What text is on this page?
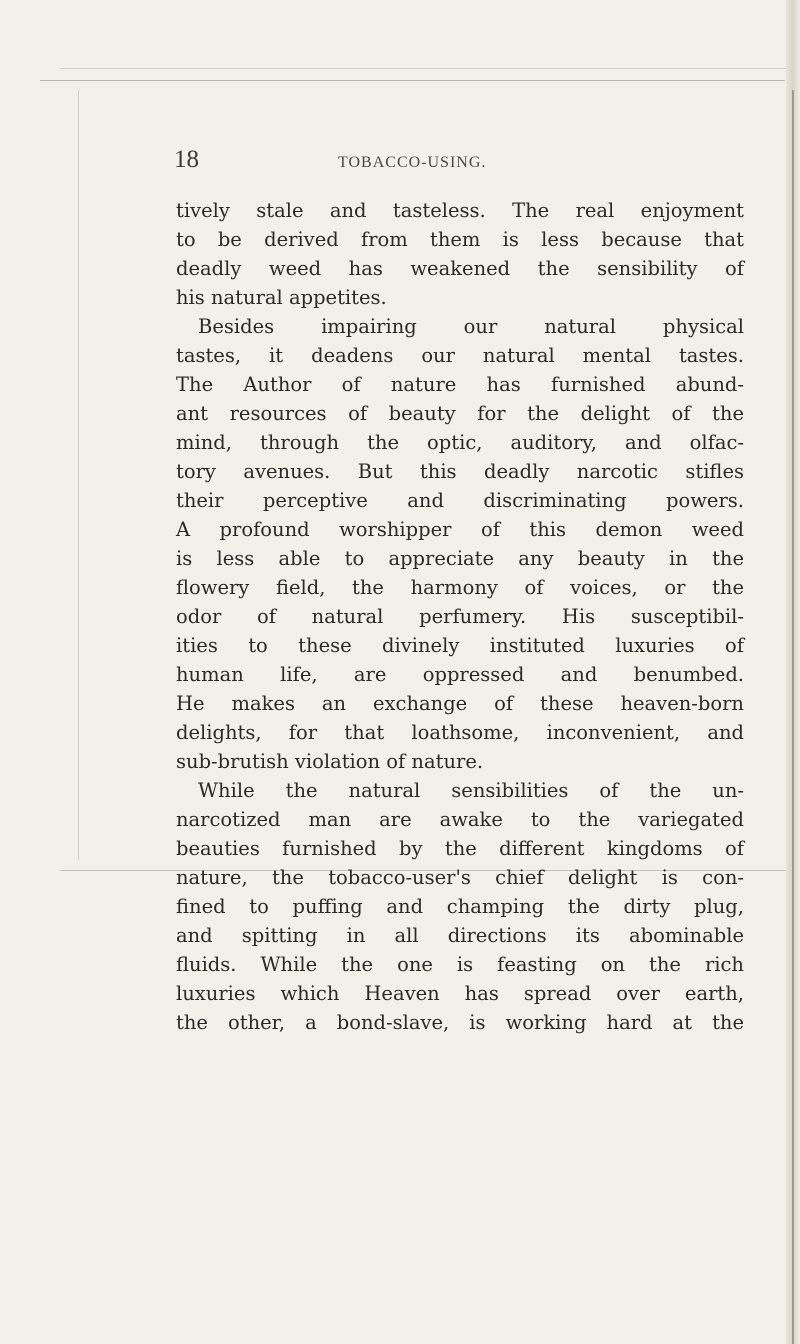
18	TOBACCO-USING.
tively stale and tasteless. The real enjoyment
to be derived from them is less because that
deadly weed has weakened the sensibility of
his natural appetites.
Besides impairing our natural physical
tastes, it deadens our natural mental tastes.
The Author of nature has furnished abund-
ant resources of beauty for the delight of the
mind, through the optic, auditory, and olfac-
tory avenues. But this deadly narcotic stifles
their perceptive and discriminating powers.
A profound worshipper of this demon weed
is less able to appreciate any beauty in the
flowery field, the harmony of voices, or the
odor of natural perfumery. His susceptibil-
ities to these divinely instituted luxuries of
human life, are oppressed and benumbed.
He makes an exchange of these heaven-born
delights, for that loathsome, inconvenient, and
sub-brutish violation of nature.
While the natural sensibilities of the un-
narcotized man are awake to the variegated
beauties furnished by the different kingdoms of
nature, the tobacco-user's chief delight is con-
fined to puffing and champing the dirty plug,
and spitting in all directions its abominable
fluids. While the one is feasting on the rich
luxuries which Heaven has spread over earth,
the other, a bond-slave, is working hard at the
